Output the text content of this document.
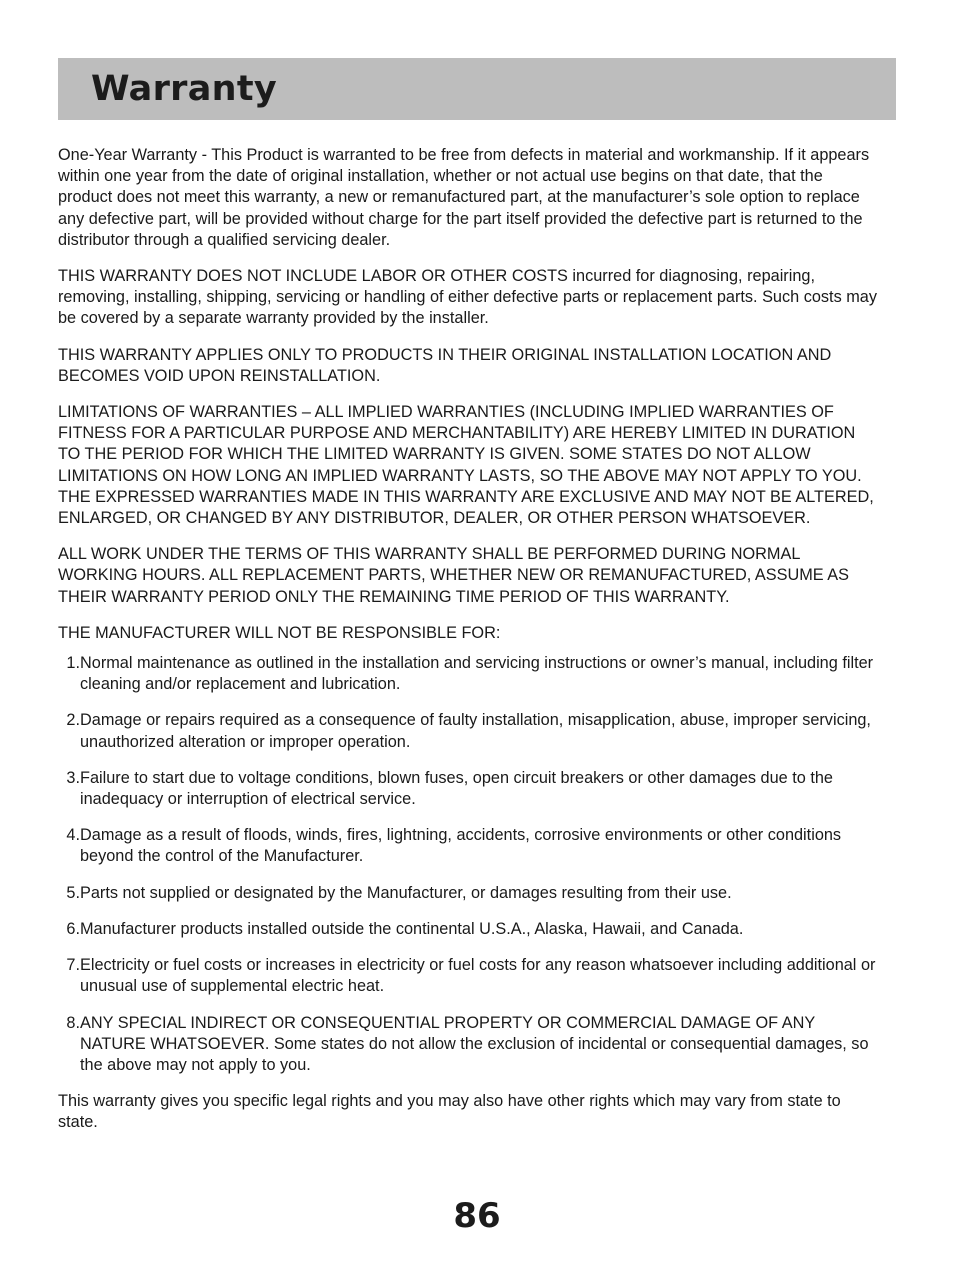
Warranty

One-Year Warranty - This Product is warranted to be free from defects in material and workmanship. If it appears within one year from the date of original installation, whether or not actual use begins on that date, that the product does not meet this warranty, a new or remanufactured part, at the manufacturer’s sole option to replace any defective part, will be provided without charge for the part itself provided the defective part is returned to the distributor through a qualified servicing dealer.

THIS WARRANTY DOES NOT INCLUDE LABOR OR OTHER COSTS incurred for diagnosing, repairing, removing, installing, shipping, servicing or handling of either defective parts or replacement parts. Such costs may be covered by a separate warranty provided by the installer.

THIS WARRANTY APPLIES ONLY TO PRODUCTS IN THEIR ORIGINAL INSTALLATION LOCATION AND BECOMES VOID UPON REINSTALLATION.

LIMITATIONS OF WARRANTIES – ALL IMPLIED WARRANTIES (INCLUDING IMPLIED WARRANTIES OF FITNESS FOR A PARTICULAR PURPOSE AND MERCHANTABILITY) ARE HEREBY LIMITED IN DURATION TO THE PERIOD FOR WHICH THE LIMITED WARRANTY IS GIVEN. SOME STATES DO NOT ALLOW LIMITATIONS ON HOW LONG AN IMPLIED WARRANTY LASTS, SO THE ABOVE MAY NOT APPLY TO YOU. THE EXPRESSED WARRANTIES MADE IN THIS WARRANTY ARE EXCLUSIVE AND MAY NOT BE ALTERED, ENLARGED, OR CHANGED BY ANY DISTRIBUTOR, DEALER, OR OTHER PERSON WHATSOEVER.

ALL WORK UNDER THE TERMS OF THIS WARRANTY SHALL BE PERFORMED DURING NORMAL WORKING HOURS. ALL REPLACEMENT PARTS, WHETHER NEW OR REMANUFACTURED, ASSUME AS THEIR WARRANTY PERIOD ONLY THE REMAINING TIME PERIOD OF THIS WARRANTY.

THE MANUFACTURER WILL NOT BE RESPONSIBLE FOR:

1. Normal maintenance as outlined in the installation and servicing instructions or owner’s manual, including filter cleaning and/or replacement and lubrication.
2. Damage or repairs required as a consequence of faulty installation, misapplication, abuse, improper servicing, unauthorized alteration or improper operation.
3. Failure to start due to voltage conditions, blown fuses, open circuit breakers or other damages due to the inadequacy or interruption of electrical service.
4. Damage as a result of floods, winds, fires, lightning, accidents, corrosive environments or other conditions beyond the control of the Manufacturer.
5. Parts not supplied or designated by the Manufacturer, or damages resulting from their use.
6. Manufacturer products installed outside the continental U.S.A., Alaska, Hawaii, and Canada.
7. Electricity or fuel costs or increases in electricity or fuel costs for any reason whatsoever including additional or unusual use of supplemental electric heat.
8. ANY SPECIAL INDIRECT OR CONSEQUENTIAL PROPERTY OR COMMERCIAL DAMAGE OF ANY NATURE WHATSOEVER. Some states do not allow the exclusion of incidental or consequential damages, so the above may not apply to you.

This warranty gives you specific legal rights and you may also have other rights which may vary from state to state.

86
